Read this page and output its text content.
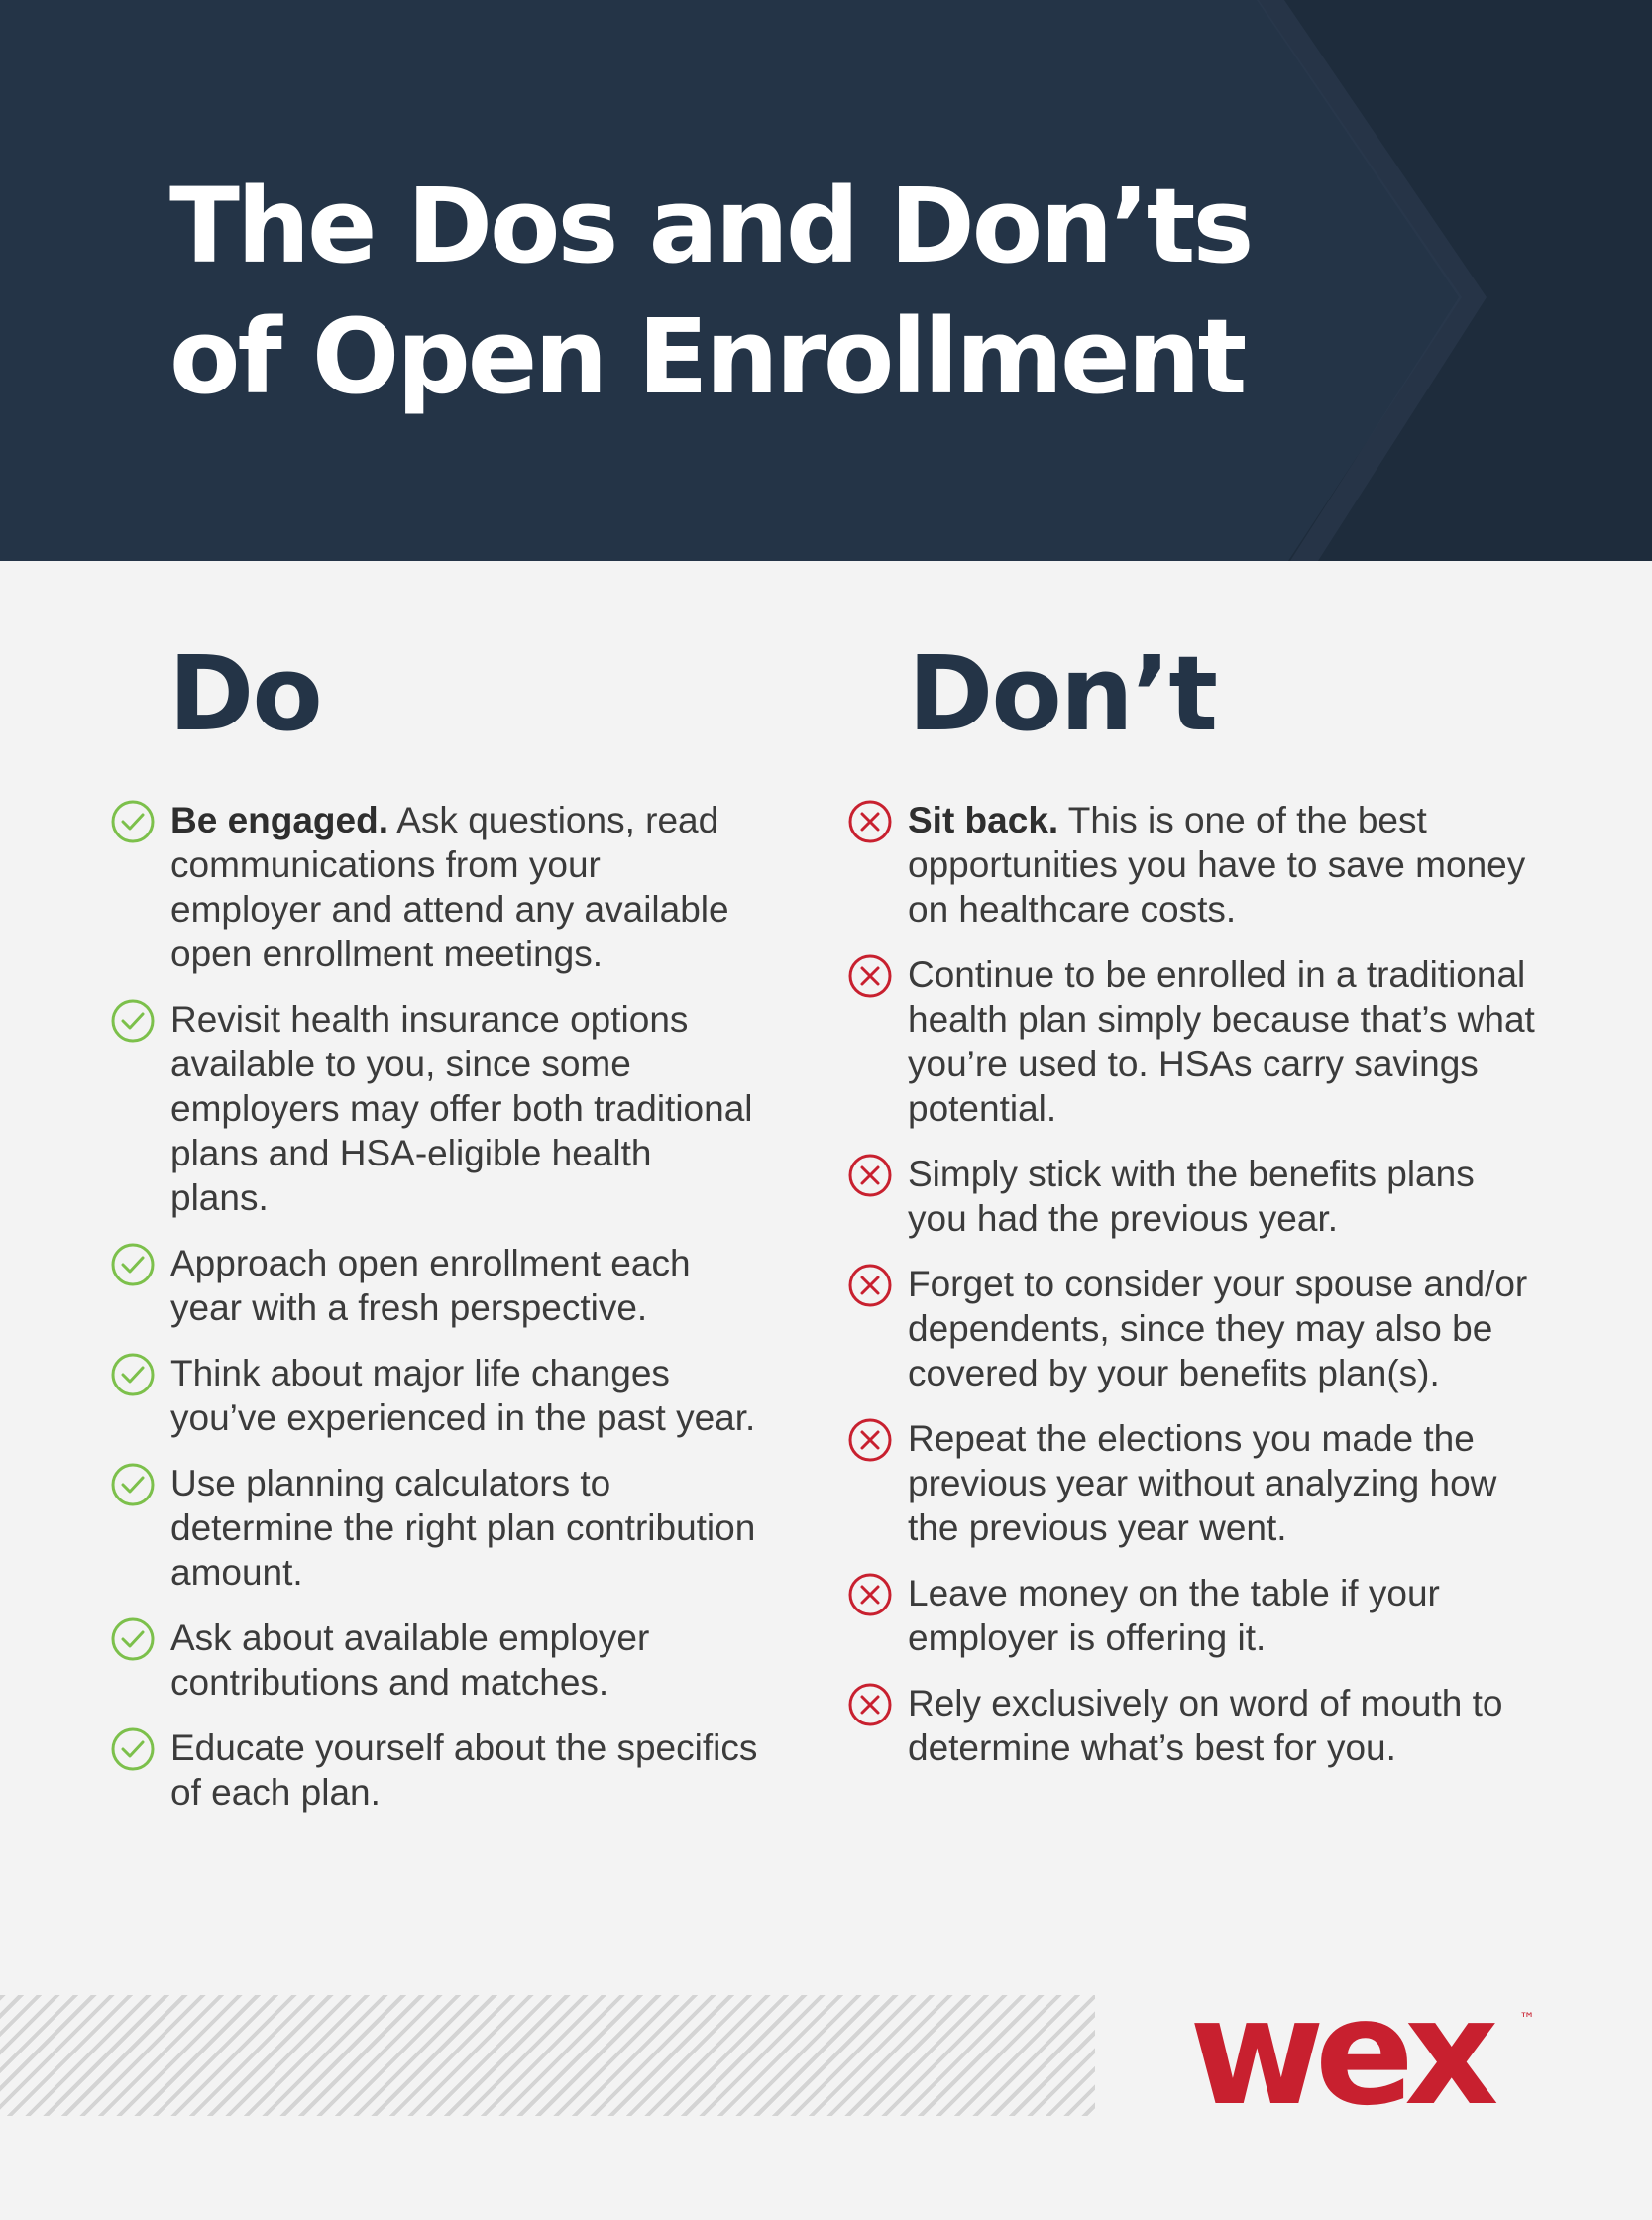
The Dos and Don’ts
of Open Enrollment
Do	Don’t
Be engaged. Ask questions, read communications from your employer and attend any available open enrollment meetings.
Revisit health insurance options available to you, since some employers may offer both traditional plans and HSA-eligible health plans.
Approach open enrollment each year with a fresh perspective.
Think about major life changes you’ve experienced in the past year.
Use planning calculators to determine the right plan contribution amount.
Ask about available employer contributions and matches.
Educate yourself about the specifics of each plan.
Sit back. This is one of the best opportunities you have to save money on healthcare costs.
Continue to be enrolled in a traditional health plan simply because that’s what you’re used to. HSAs carry savings potential.
Simply stick with the benefits plans you had the previous year.
Forget to consider your spouse and/or dependents, since they may also be covered by your benefits plan(s).
Repeat the elections you made the previous year without analyzing how the previous year went.
Leave money on the table if your employer is offering it.
Rely exclusively on word of mouth to determine what’s best for you.
wex	™
